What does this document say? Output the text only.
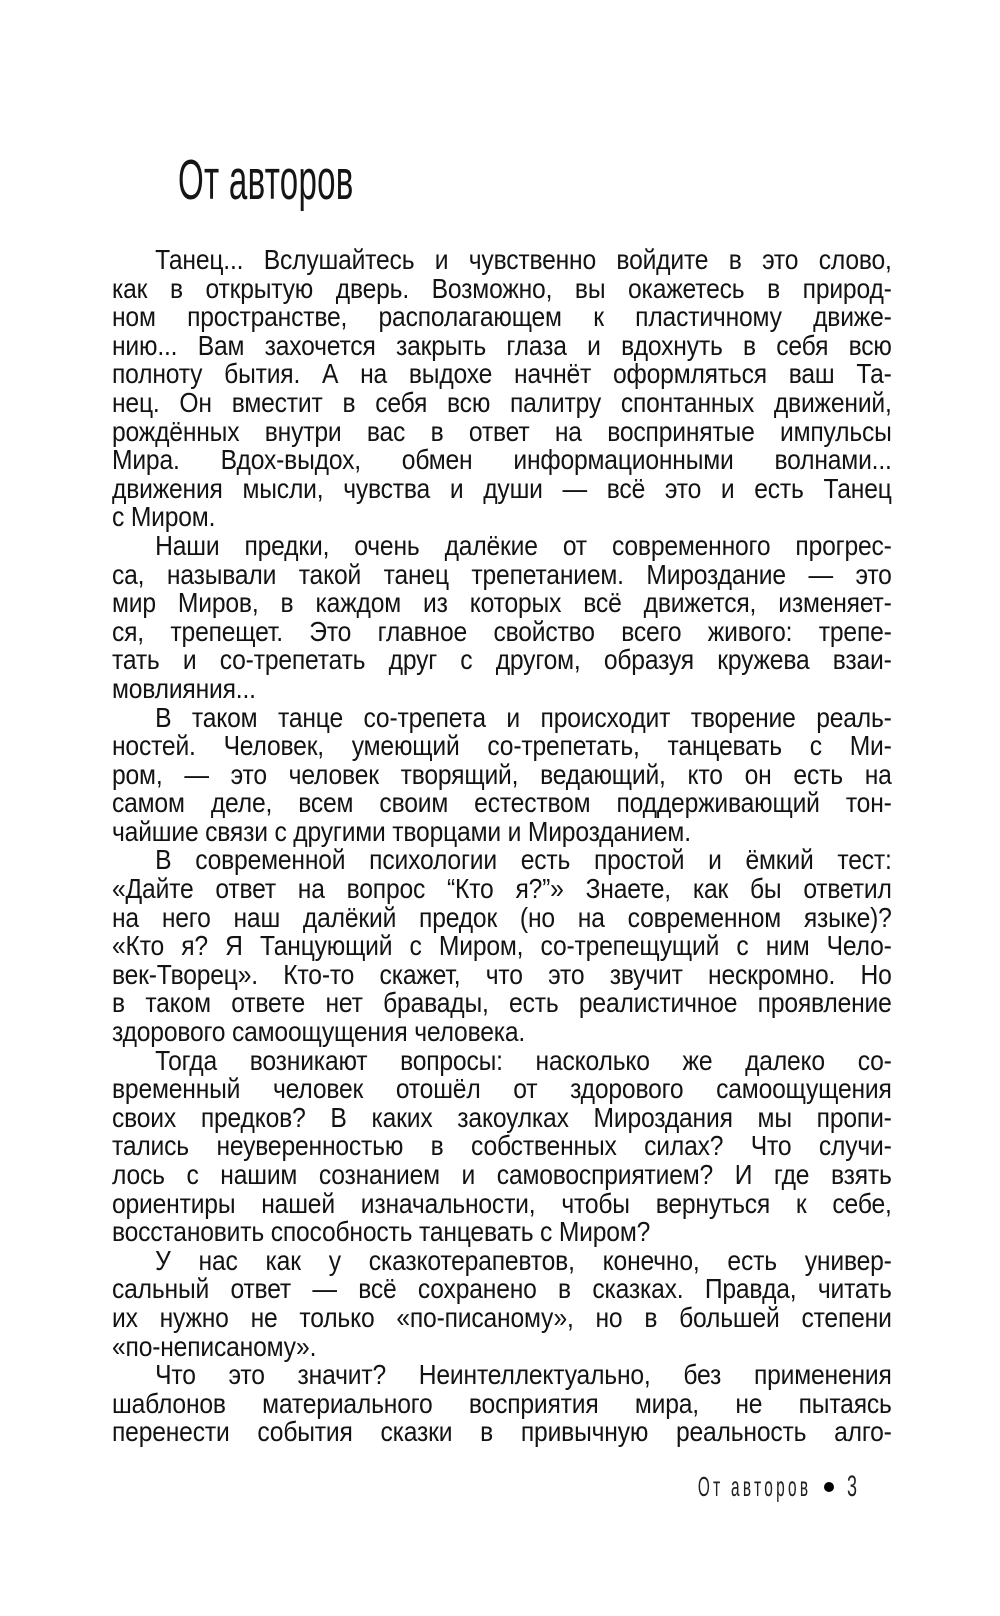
От авторов
Танец... Вслушайтесь и чувственно войдите в это слово,
как в открытую дверь. Возможно, вы окажетесь в природ-
ном пространстве, располагающем к пластичному движе-
нию... Вам захочется закрыть глаза и вдохнуть в себя всю
полноту бытия. А на выдохе начнёт оформляться ваш Та-
нец. Он вместит в себя всю палитру спонтанных движений,
рождённых внутри вас в ответ на воспринятые импульсы
Мира. Вдох-выдох, обмен информационными волнами...
движения мысли, чувства и души — всё это и есть Танец
с Миром.
Наши предки, очень далёкие от современного прогрес-
са, называли такой танец трепетанием. Мироздание — это
мир Миров, в каждом из которых всё движется, изменяет-
ся, трепещет. Это главное свойство всего живого: трепе-
тать и со-трепетать друг с другом, образуя кружева взаи-
мовлияния...
В таком танце со-трепета и происходит творение реаль-
ностей. Человек, умеющий со-трепетать, танцевать с Ми-
ром, — это человек творящий, ведающий, кто он есть на
самом деле, всем своим естеством поддерживающий тон-
чайшие связи с другими творцами и Мирозданием.
В современной психологии есть простой и ёмкий тест:
«Дайте ответ на вопрос “Кто я?”» Знаете, как бы ответил
на него наш далёкий предок (но на современном языке)?
«Кто я? Я Танцующий с Миром, со-трепещущий с ним Чело-
век-Творец». Кто-то скажет, что это звучит нескромно. Но
в таком ответе нет бравады, есть реалистичное проявление
здорового самоощущения человека.
Тогда возникают вопросы: насколько же далеко со-
временный человек отошёл от здорового самоощущения
своих предков? В каких закоулках Мироздания мы пропи-
тались неуверенностью в собственных силах? Что случи-
лось с нашим сознанием и самовосприятием? И где взять
ориентиры нашей изначальности, чтобы вернуться к себе,
восстановить способность танцевать с Миром?
У нас как у сказкотерапевтов, конечно, есть универ-
сальный ответ — всё сохранено в сказках. Правда, читать
их нужно не только «по-писаному», но в большей степени
«по-неписаному».
Что это значит? Неинтеллектуально, без применения
шаблонов материального восприятия мира, не пытаясь
перенести события сказки в привычную реальность алго-
От авторов 3
